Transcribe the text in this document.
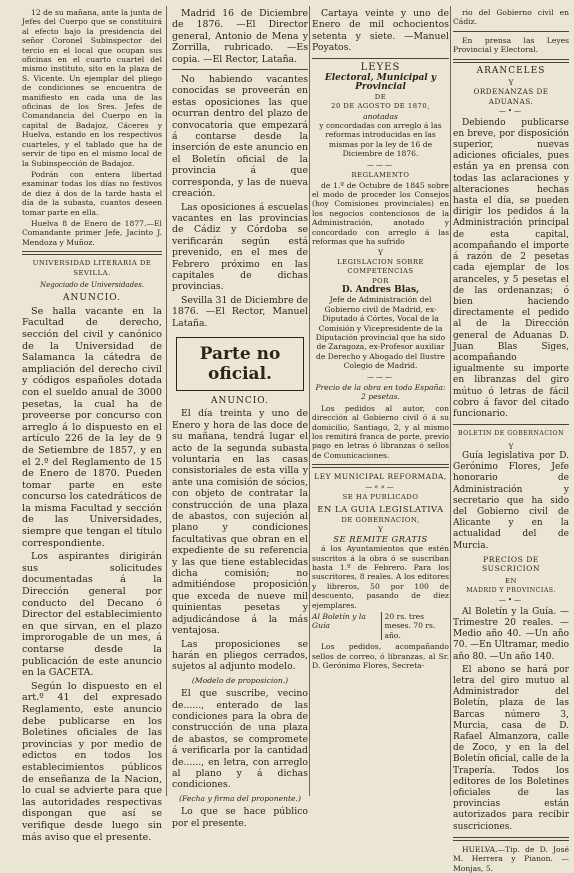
12 de su mañana, ante la junta de Jefes del Cuerpo que se constituirá al efecto bajo la presidencia del señor Coronel Subinspector del tercio en el local que ocupan sus oficinas en el cuarto cuartel del mismo instituto, sito en la plaza de S. Vicente. Un ejemplar del pliego de condiciones se encuentra de manifiesto en cada una de las oficinas de los Sres. Jefes de Comandancia del Cuerpo en la capital de Badajoz, Cáceres y Huelva, estando en los respectivos cuarteles, y el tablado que ha de servir de tipo en el mismo local de la Subinspección de Badajoz.

Podrán con entera libertad examinar todas los días no festivos de diez á dos de la tarde hasta el día de la subasta, cuantos deseen tomar parte en ella.

Huelva 8 de Enero de 1877.—El Comandante primer Jefe, Jacinto J. Mendoza y Muñoz.

UNIVERSIDAD LITERARIA DE SEVILLA.
Negociado de Universidades.
ANUNCIO.

Se halla vacante en la Facultad de derecho, sección del civil y canónico de la Universidad de Salamanca la cátedra de ampliación del derecho civil y códigos españoles dotada con el sueldo anual de 3000 pesetas, la cual ha de proveerse por concurso con arreglo á lo dispuesto en el artículo 226 de la ley de 9 de Setiembre de 1857, y en el 2.º del Reglamento de 15 de Enero de 1870. Pueden tomar parte en este concurso los catedráticos de la misma Facultad y sección de las Universidades, siempre que tengan el título correspondiente.

Los aspirantes dirigirán sus solicitudes documentadas á la Dirección general por conducto del Decano ó Director del establecimiento en que sirvan, en el plazo improrogable de un mes, á contarse desde la publicación de este anuncio en la GACETA.

Según lo dispuesto en el art.º 41 del expresado Reglamento, este anuncio debe publicarse en los Boletines oficiales de las provincias y por medio de edictos en todos los establecimientos públicos de enseñanza de la Nacion, lo cual se advierte para que las autoridades respectivas dispongan que así se verifique desde luego sin más aviso que el presente.

Madrid 16 de Diciembre de 1876. —El Director general, Antonio de Mena y Zorrilla, rubricado. —Es copia. —El Rector, Lataña.

No habiendo vacantes conocidas se proveerán en estas oposiciones las que ocurran dentro del plazo de convocatoria que empezará á contarse desde la inserción de este anuncio en el Boletín oficial de la provincia á que corresponda, y las de nueva creación.

Las oposiciones á escuelas vacantes en las provincias de Cádiz y Córdoba se verificarán según está prevenido, en el mes de Febrero próximo en las capitales de dichas provincias.

Sevilla 31 de Diciembre de 1876. —El Rector, Manuel Lataña.

Parte no oficial.
ANUNCIO.

El día treinta y uno de Enero y hora de las doce de su mañana, tendrá lugar el acto de la segunda subasta voluntaria en las casas consistoriales de esta villa y ante una comisión de sócios, con objeto de contratar la construcción de una plaza de abastos, con sujeción al plano y condiciones facultativas que obran en el expediente de su referencia y las que tiene establecidas dicha comisión; no admitiéndose proposición que exceda de nueve mil quinientas pesetas y adjudicándose á la más ventajosa.

Las proposiciones se harán en pliegos cerrados, sujetos al adjunto modelo.

(Modelo de proposicion.)

El que suscribe, vecino de......, enterado de las condiciones para la obra de construcción de una plaza de abastos, se compromete á verificarla por la cantidad de......, en letra, con arreglo al plano y á dichas condiciones.

(Fecha y firma del proponente.)

Lo que se hace público por el presente.

Cartaya veinte y uno de Enero de mil ochocientos setenta y siete. —Manuel Poyatos.

LEYES
Electoral, Municipal y Provincial
DE
20 DE AGOSTO DE 1870,
anotadas

y concordadas con arreglo á las reformas introducidas en las mismas por la ley de 16 de Diciembre de 1876.

———
REGLAMENTO

de 1.º de Octubre de 1845 sobre el modo de proceder los Consejos (hoy Comisiones provinciales) en los negocios contenciosos de la Administración, anotado y concordado con arreglo á las reformas que ha sufrido

Y
LEGISLACION SOBRE COMPETENCIAS
POR
D. Andres Blas,

Jefe de Administración del Gobierno civil de Madrid, ex-Diputado á Córtes, Vocal de la Comisión y Vicepresidente de la Diputación provincial que ha sido de Zaragoza, ex-Profesor auxiliar de Derecho y Abogado del Ilustre Colegio de Madrid.

———

Precio de la obra en toda España: 2 pesetas.

Los pedidos al autor, con dirección al Gobierno civil ó á su domicilio, Santiago, 2, y al mismo los remitirá franca de porte, previo pago en letras ó libranzas ó sellos de Comunicaciones.

LEY MUNICIPAL REFORMADA,
—«»—
SE HA PUBLICADO
EN LA GUIA LEGISLATIVA
DE GOBERNACION,
Y
SE REMITE GRATIS

á los Ayuntamientos que estén suscritos á la obra ó se suscriban hasta 1.º de Febrero. Para los suscritores, 8 reales. A los editores y libreros, 50 por 100 de descuento, pasando de diez ejemplares.

Al Boletín y la Guía
20 rs. tres meses. 70 rs. año.

Los pedidos, acompañando sellos de correo, ó libranzas, al Sr. D. Gerónimo Flores, Secreta-

rio del Gobierno civil en Cádiz.

En prensa las Leyes Provincial y Electoral.

ARANCELES
Y
ORDENANZAS DE ADUANAS.
—•—

Debiendo publicarse en breve, por disposición superior, nuevas adiciones oficiales, pues están ya en prensa con todas las aclaraciones y alteraciones hechas hasta el día, se pueden dirigir los pedidos á la Administración principal de esta capital, acompañando el importe á razón de 2 pesetas cada ejemplar de los aranceles, y 5 pesetas el de las ordenanzas; ó bien haciendo directamente el pedido al de la Dirección general de Aduanas D. Juan Blas Siges, acompañando igualmente su importe en libranzas del giro mútuo ó letras de fácil cobro á favor del citado funcionario.

BOLETIN DE GOBERNACION
Y

Guía legislativa por D. Gerónimo Flores, Jefe honorario de Administración y secretario que ha sido del Gobierno civil de Alicante y en la actualidad del de Murcia.

PRECIOS DE SUSCRICION
EN
MADRID Y PROVINCIAS.
—•—

Al Boletín y la Guía. —Trimestre 20 reales. —Medio año 40. —Un año 70. —En Ultramar, medio año 80. —Un año 140.

El abono se hará por letra del giro mutuo al Administrador del Boletín, plaza de las Barcas número 3, Murcia, casa de D. Rafael Almanzora, calle de Zoco, y en la del Boletín oficial, calle de la Trapería. Todos los editores de los Boletines oficiales de las provincias están autorizados para recibir suscriciones.

HUELVA.—Tip. de D. José M. Herrera y Pianon. —Monjas, 5.
